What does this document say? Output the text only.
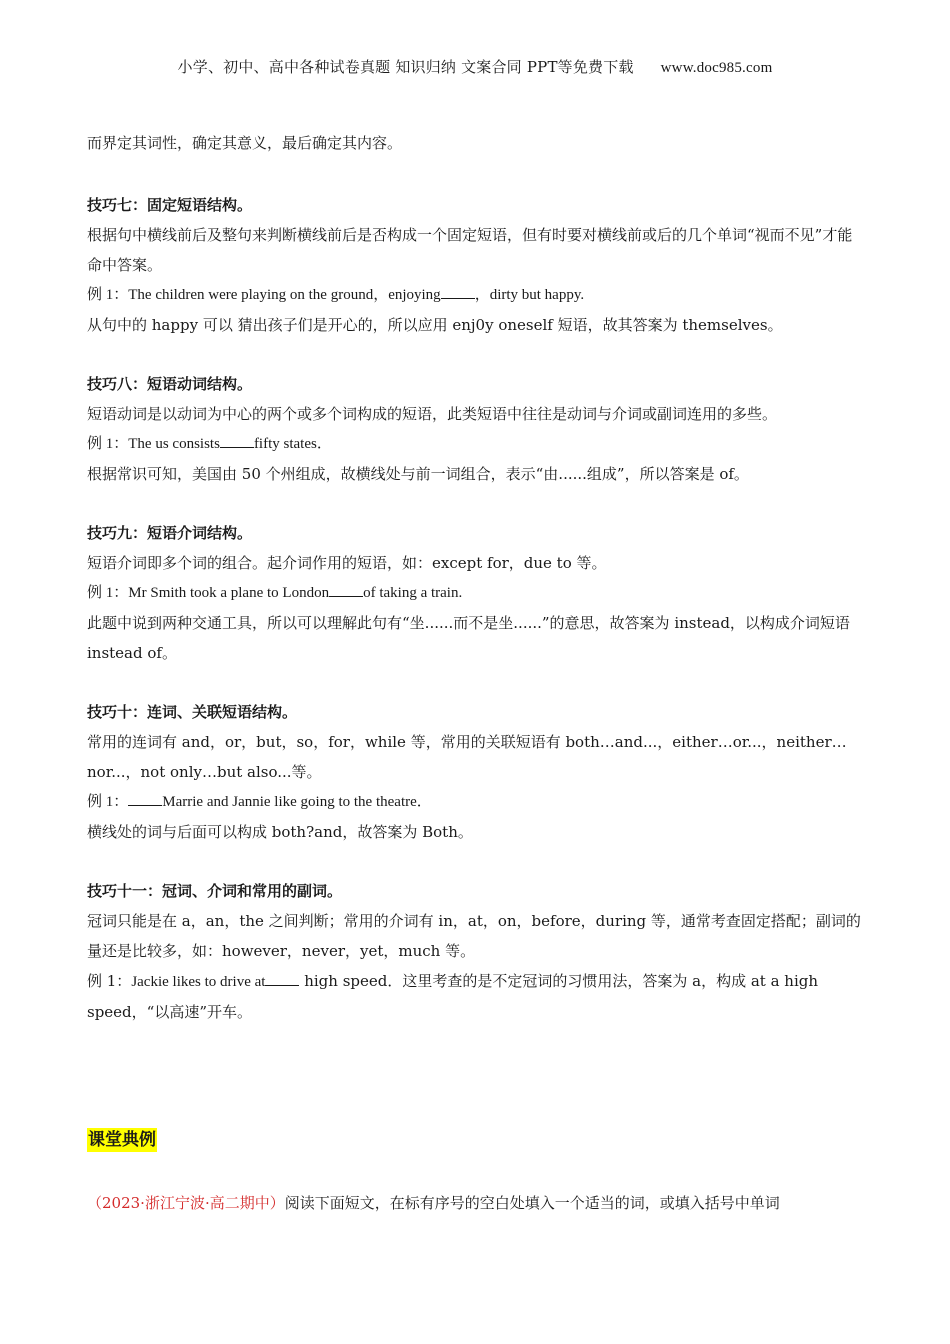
小学、初中、高中各种试卷真题 知识归纳 文案合同 PPT等免费下载 www.doc985.com

而界定其词性，确定其意义，最后确定其内容。

技巧七：固定短语结构。

根据句中横线前后及整句来判断横线前后是否构成一个固定短语，但有时要对横线前或后的几个单词“视而不见”才能命中答案。

例 1：The children were playing on the ground，enjoying ，dirty but happy.

从句中的 happy 可以 猜出孩子们是开心的，所以应用 enj0y oneself 短语，故其答案为 themselves。

技巧八：短语动词结构。

短语动词是以动词为中心的两个或多个词构成的短语，此类短语中往往是动词与介词或副词连用的多些。

例 1：The us consists fifty states．

根据常识可知，美国由 50 个州组成，故横线处与前一词组合，表示“由......组成”，所以答案是 of。

技巧九：短语介词结构。

短语介词即多个词的组合。起介词作用的短语，如：except for，due to 等。

例 1：Mr Smith took a plane to London of taking a train.

此题中说到两种交通工具，所以可以理解此句有“坐......而不是坐......”的意思，故答案为 instead，以构成介词短语 instead of。

技巧十：连词、关联短语结构。

常用的连词有 and，or，but，so，for，while 等，常用的关联短语有 both…and...，either…or...，neither…nor...，not only…but also...等。

例 1： Marrie and Jannie like going to the theatre．

横线处的词与后面可以构成 both?and，故答案为 Both。

技巧十一：冠词、介词和常用的副词。

冠词只能是在 a，an，the 之间判断；常用的介词有 in，at，on，before，during 等，通常考查固定搭配；副词的量还是比较多，如：however，never，yet，much 等。

例 1：Jackie likes to drive at high speed．这里考查的是不定冠词的习惯用法，答案为 a，构成 at a high speed，“以高速”开车。

课堂典例
（2023·浙江宁波·高二期中）阅读下面短文，在标有序号的空白处填入一个适当的词，或填入括号中单词
